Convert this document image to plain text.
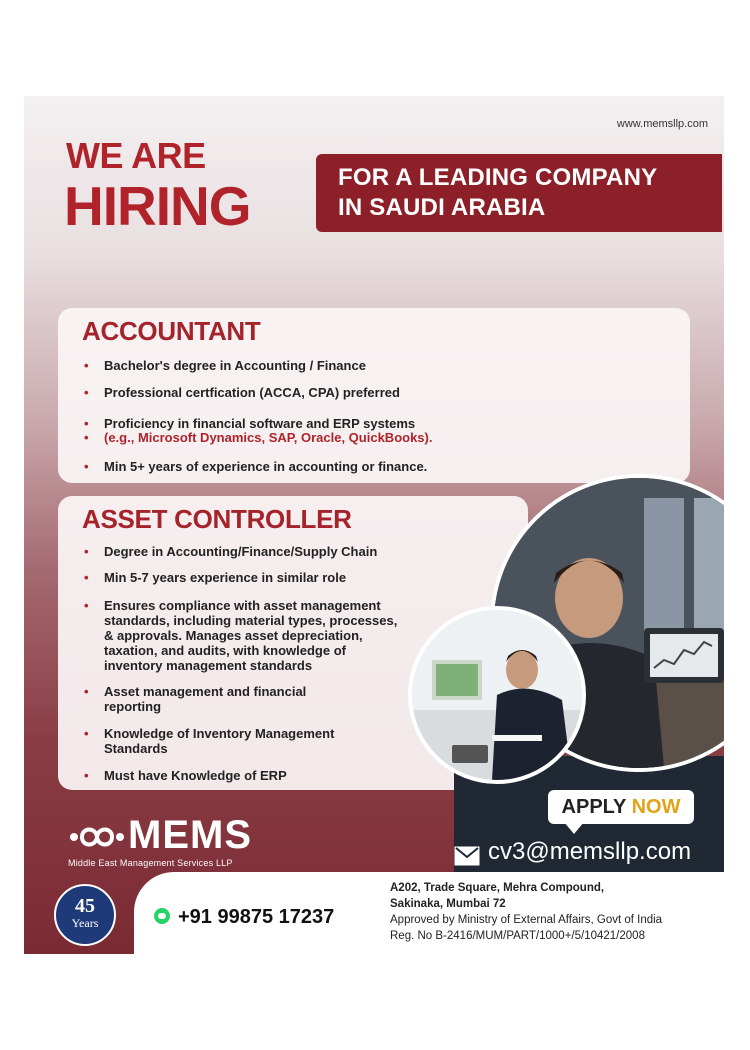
www.memsllp.com
WE ARE
HIRING	FOR A LEADING COMPANY
IN SAUDI ARABIA
ACCOUNTANT
• Bachelor's degree in Accounting / Finance
• Professional certfication (ACCA, CPA) preferred
• Proficiency in financial software and ERP systems
• (e.g., Microsoft Dynamics, SAP, Oracle, QuickBooks).
• Min 5+ years of experience in accounting or finance.
ASSET CONTROLLER
• Degree in Accounting/Finance/Supply Chain
• Min 5-7 years experience in similar role
• Ensures compliance with asset management
standards, including material types, processes,
& approvals. Manages asset depreciation,
taxation, and audits, with knowledge of
inventory management standards
• Asset management and financial
reporting
• Knowledge of Inventory Management
Standards
• Must have Knowledge of ERP
APPLY NOW
cv3@memsllp.com
MEMS
Middle East Management Services LLP
45
Years	+91 99875 17237
A202, Trade Square, Mehra Compound,
Sakinaka, Mumbai 72
Approved by Ministry of External Affairs, Govt of India
Reg. No B-2416/MUM/PART/1000+/5/10421/2008
